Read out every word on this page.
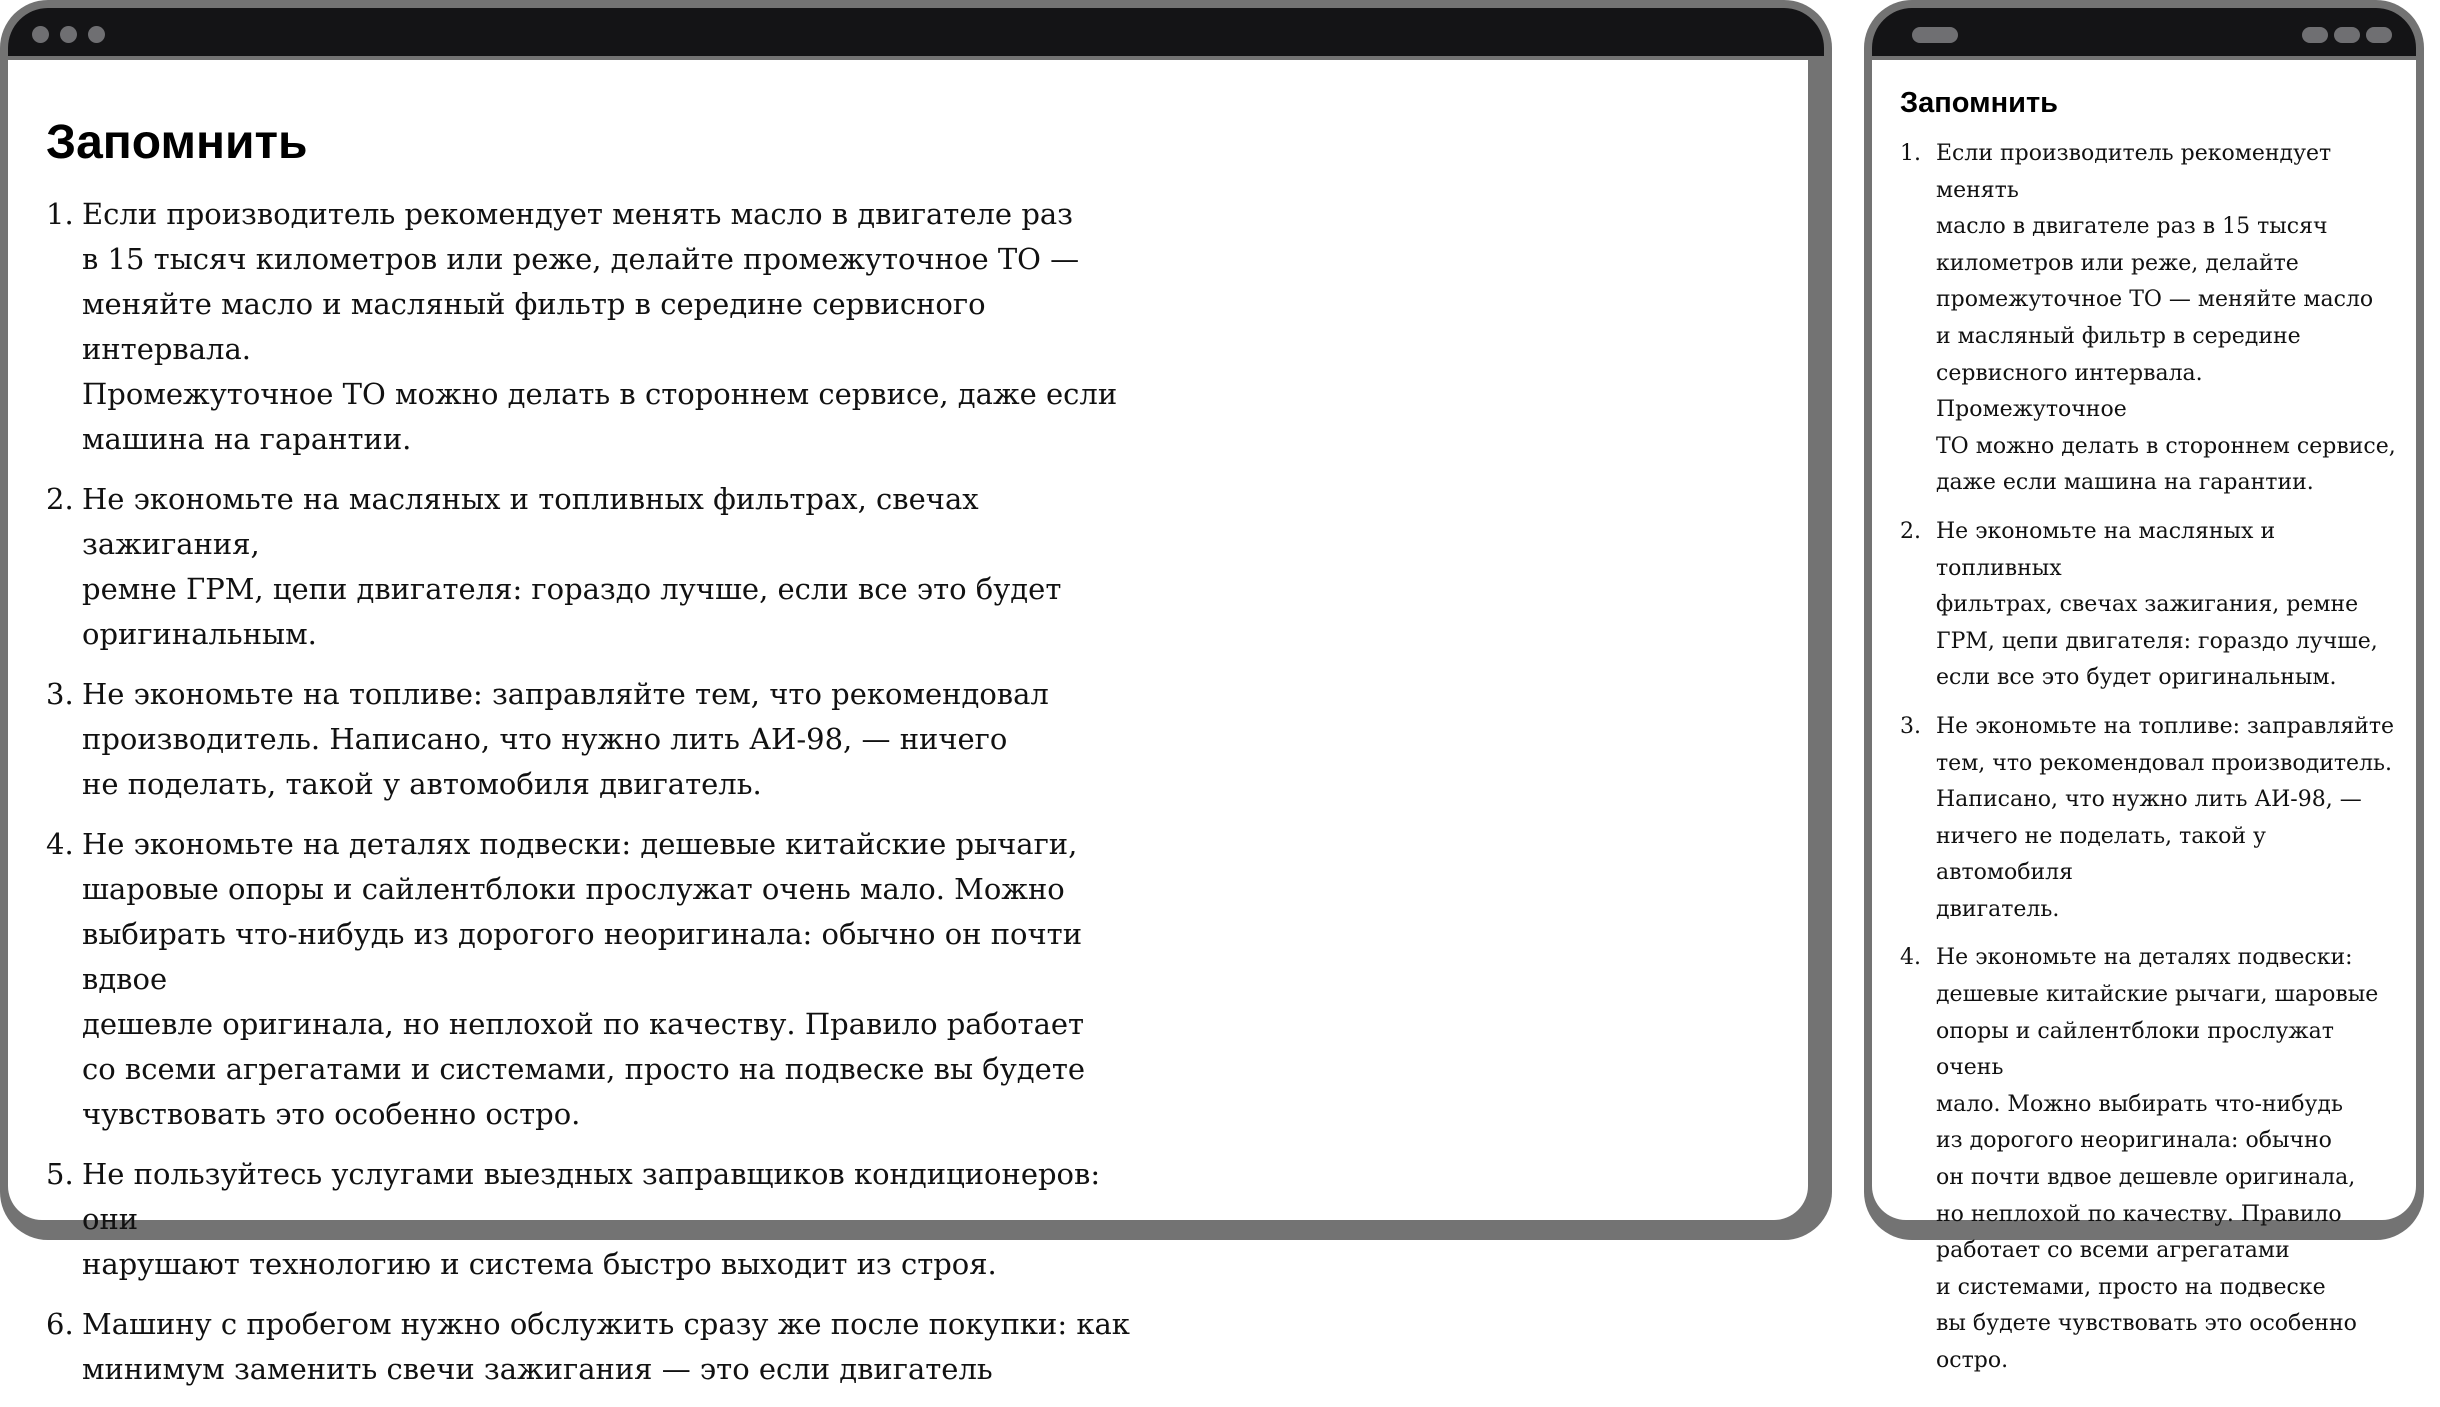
Запомнить
1. Если производитель рекомендует менять масло в двигателе раз
в 15 тысяч километров или реже, делайте промежуточное ТО —
меняйте масло и масляный фильтр в середине сервисного интервала.
Промежуточное ТО можно делать в стороннем сервисе, даже если
машина на гарантии.
2. Не экономьте на масляных и топливных фильтрах, свечах зажигания,
ремне ГРМ, цепи двигателя: гораздо лучше, если все это будет
оригинальным.
3. Не экономьте на топливе: заправляйте тем, что рекомендовал
производитель. Написано, что нужно лить АИ-98, — ничего
не поделать, такой у автомобиля двигатель.
4. Не экономьте на деталях подвески: дешевые китайские рычаги,
шаровые опоры и сайлентблоки прослужат очень мало. Можно
выбирать что-нибудь из дорогого неоригинала: обычно он почти вдвое
дешевле оригинала, но неплохой по качеству. Правило работает
со всеми агрегатами и системами, просто на подвеске вы будете
чувствовать это особенно остро.
5. Не пользуйтесь услугами выездных заправщиков кондиционеров: они
нарушают технологию и система быстро выходит из строя.
6. Машину с пробегом нужно обслужить сразу же после покупки: как
минимум заменить свечи зажигания — это если двигатель
Запомнить
1. Если производитель рекомендует менять
масло в двигателе раз в 15 тысяч
километров или реже, делайте
промежуточное ТО — меняйте масло
и масляный фильтр в середине
сервисного интервала. Промежуточное
ТО можно делать в стороннем сервисе,
даже если машина на гарантии.
2. Не экономьте на масляных и топливных
фильтрах, свечах зажигания, ремне
ГРМ, цепи двигателя: гораздо лучше,
если все это будет оригинальным.
3. Не экономьте на топливе: заправляйте
тем, что рекомендовал производитель.
Написано, что нужно лить АИ-98, —
ничего не поделать, такой у автомобиля
двигатель.
4. Не экономьте на деталях подвески:
дешевые китайские рычаги, шаровые
опоры и сайлентблоки прослужат очень
мало. Можно выбирать что-нибудь
из дорогого неоригинала: обычно
он почти вдвое дешевле оригинала,
но неплохой по качеству. Правило
работает со всеми агрегатами
и системами, просто на подвеске
вы будете чувствовать это особенно
остро.
